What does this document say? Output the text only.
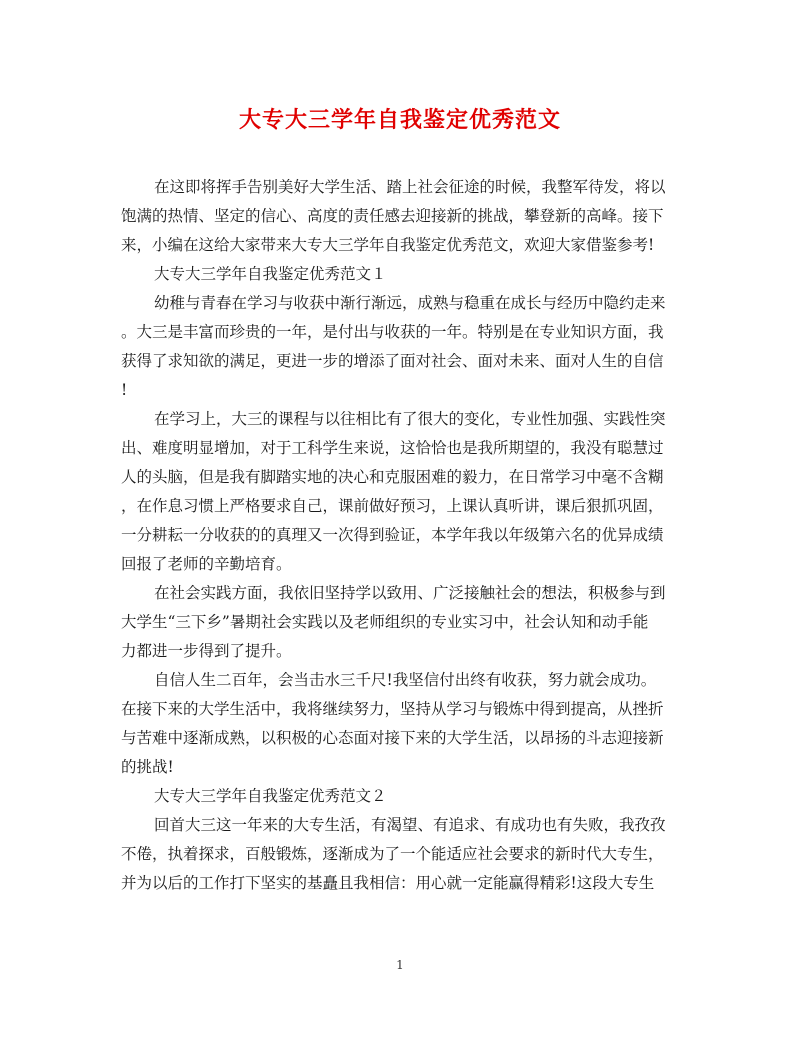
大专大三学年自我鉴定优秀范文
在这即将挥手告别美好大学生活、踏上社会征途的时候，我整军待发，将以
饱满的热情、坚定的信心、高度的责任感去迎接新的挑战，攀登新的高峰。接下
来，小编在这给大家带来大专大三学年自我鉴定优秀范文，欢迎大家借鉴参考!
大专大三学年自我鉴定优秀范文１
幼稚与青春在学习与收获中渐行渐远，成熟与稳重在成长与经历中隐约走来
。大三是丰富而珍贵的一年，是付出与收获的一年。特别是在专业知识方面，我
获得了求知欲的满足，更进一步的增添了面对社会、面对未来、面对人生的自信
!
在学习上，大三的课程与以往相比有了很大的变化，专业性加强、实践性突
出、难度明显增加，对于工科学生来说，这恰恰也是我所期望的，我没有聪慧过
人的头脑，但是我有脚踏实地的决心和克服困难的毅力，在日常学习中毫不含糊
，在作息习惯上严格要求自己，课前做好预习，上课认真听讲，课后狠抓巩固，
一分耕耘一分收获的的真理又一次得到验证，本学年我以年级第六名的优异成绩
回报了老师的辛勤培育。
在社会实践方面，我依旧坚持学以致用、广泛接触社会的想法，积极参与到
大学生“三下乡”暑期社会实践以及老师组织的专业实习中，社会认知和动手能
力都进一步得到了提升。
自信人生二百年，会当击水三千尺!我坚信付出终有收获，努力就会成功。
在接下来的大学生活中，我将继续努力，坚持从学习与锻炼中得到提高，从挫折
与苦难中逐渐成熟，以积极的心态面对接下来的大学生活，以昂扬的斗志迎接新
的挑战!
大专大三学年自我鉴定优秀范文２
回首大三这一年来的大专生活，有渴望、有追求、有成功也有失败，我孜孜
不倦，执着探求，百般锻炼，逐渐成为了一个能适应社会要求的新时代大专生，
并为以后的工作打下坚实的基矗且我相信：用心就一定能赢得精彩!这段大专生
1
